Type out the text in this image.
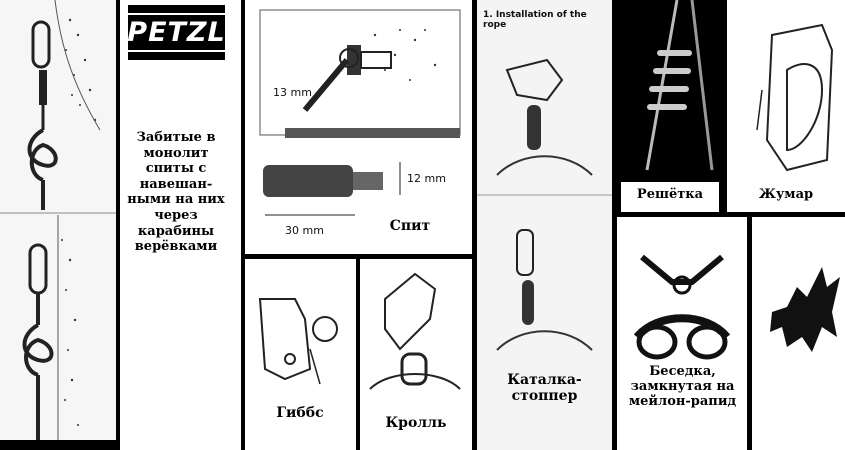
PETZL
Забитые в монолит спиты с навешан-ными на них через карабины верёвками
13 mm
12 mm
30 mm	Спит
Гиббс
Кролль
1. Installation of the rope
Каталка-стоппер
Решётка	Жумар
Беседка, замкнутая на мейлон-рапид
